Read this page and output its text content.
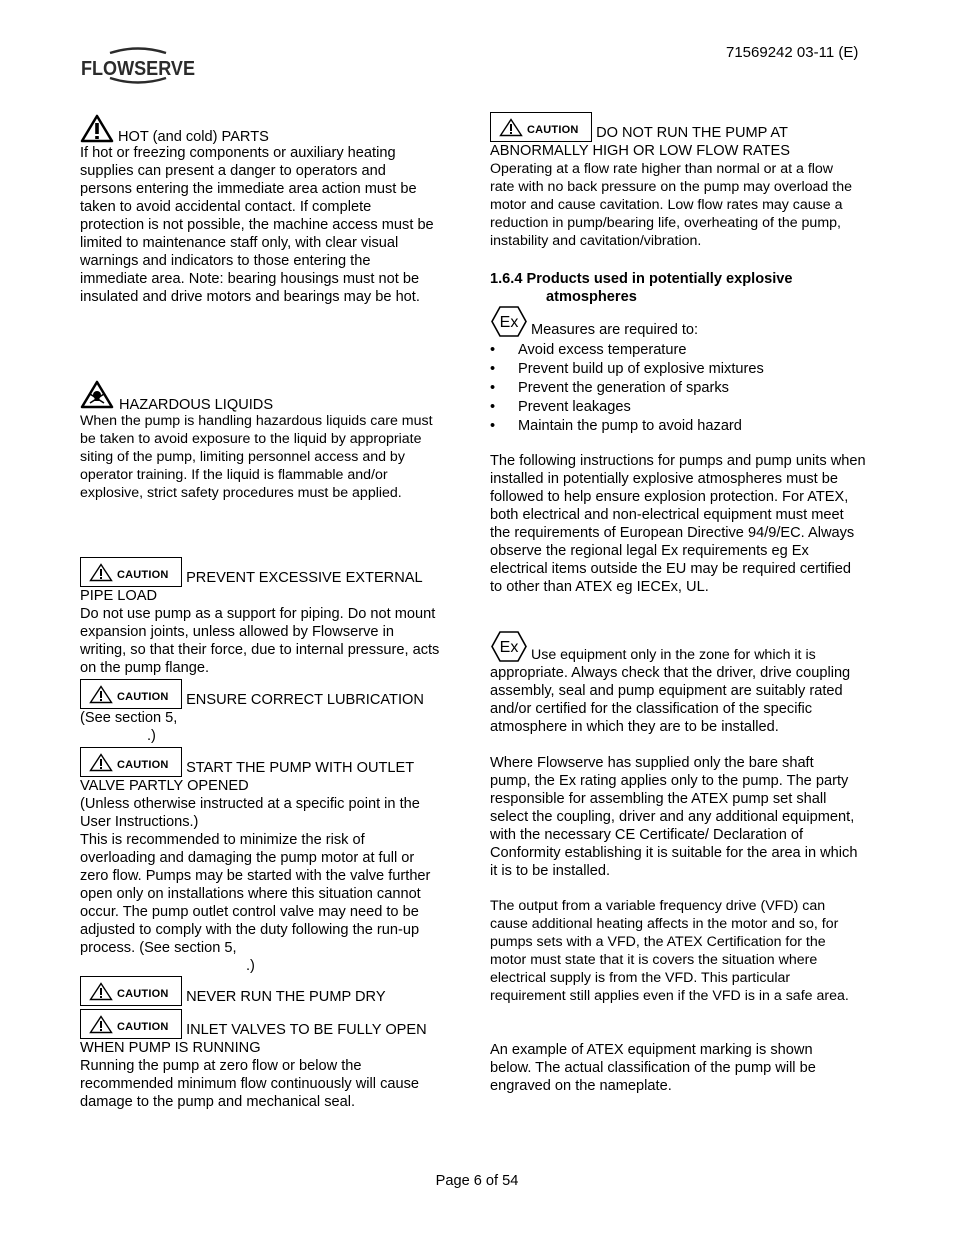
71569242 03-11 (E)
FLOWSERVE
HOT (and cold) PARTS

If hot or freezing components or auxiliary heating

supplies can present a danger to operators and

persons entering the immediate area action must be

taken to avoid accidental contact. If complete

protection is not possible, the machine access must be

limited to maintenance staff only, with clear visual

warnings and indicators to those entering the

immediate area. Note: bearing housings must not be

insulated and drive motors and bearings may be hot.

HAZARDOUS LIQUIDS

When the pump is handling hazardous liquids care must

be taken to avoid exposure to the liquid by appropriate

siting of the pump, limiting personnel access and by

operator training. If the liquid is flammable and/or

explosive, strict safety procedures must be applied.

CAUTION PREVENT EXCESSIVE EXTERNAL

PIPE LOAD

Do not use pump as a support for piping. Do not mount

expansion joints, unless allowed by Flowserve in

writing, so that their force, due to internal pressure, acts

on the pump flange.

CAUTION ENSURE CORRECT LUBRICATION

(See section 5,

.)

CAUTION START THE PUMP WITH OUTLET

VALVE PARTLY OPENED

(Unless otherwise instructed at a specific point in the

User Instructions.)

This is recommended to minimize the risk of

overloading and damaging the pump motor at full or

zero flow. Pumps may be started with the valve further

open only on installations where this situation cannot

occur. The pump outlet control valve may need to be

adjusted to comply with the duty following the run-up

process. (See section 5,

.)

CAUTION NEVER RUN THE PUMP DRY
CAUTION INLET VALVES TO BE FULLY OPEN

WHEN PUMP IS RUNNING

Running the pump at zero flow or below the

recommended minimum flow continuously will cause

damage to the pump and mechanical seal.

CAUTION DO NOT RUN THE PUMP AT

ABNORMALLY HIGH OR LOW FLOW RATES

Operating at a flow rate higher than normal or at a flow

rate with no back pressure on the pump may overload the

motor and cause cavitation. Low flow rates may cause a

reduction in pump/bearing life, overheating of the pump,

instability and cavitation/vibration.

1.6.4 Products used in potentially explosive

atmospheres

Ex Measures are required to:
• Avoid excess temperature
• Prevent build up of explosive mixtures
• Prevent the generation of sparks
• Prevent leakages
• Maintain the pump to avoid hazard

The following instructions for pumps and pump units when

installed in potentially explosive atmospheres must be

followed to help ensure explosion protection. For ATEX,

both electrical and non-electrical equipment must meet

the requirements of European Directive 94/9/EC. Always

observe the regional legal Ex requirements eg Ex

electrical items outside the EU may be required certified

to other than ATEX eg IECEx, UL.

Ex Use equipment only in the zone for which it is

appropriate. Always check that the driver, drive coupling

assembly, seal and pump equipment are suitably rated

and/or certified for the classification of the specific

atmosphere in which they are to be installed.

Where Flowserve has supplied only the bare shaft

pump, the Ex rating applies only to the pump. The party

responsible for assembling the ATEX pump set shall

select the coupling, driver and any additional equipment,

with the necessary CE Certificate/ Declaration of

Conformity establishing it is suitable for the area in which

it is to be installed.

The output from a variable frequency drive (VFD) can

cause additional heating affects in the motor and so, for

pumps sets with a VFD, the ATEX Certification for the

motor must state that it is covers the situation where

electrical supply is from the VFD. This particular

requirement still applies even if the VFD is in a safe area.

An example of ATEX equipment marking is shown

below. The actual classification of the pump will be

engraved on the nameplate.

Page 6 of 54
